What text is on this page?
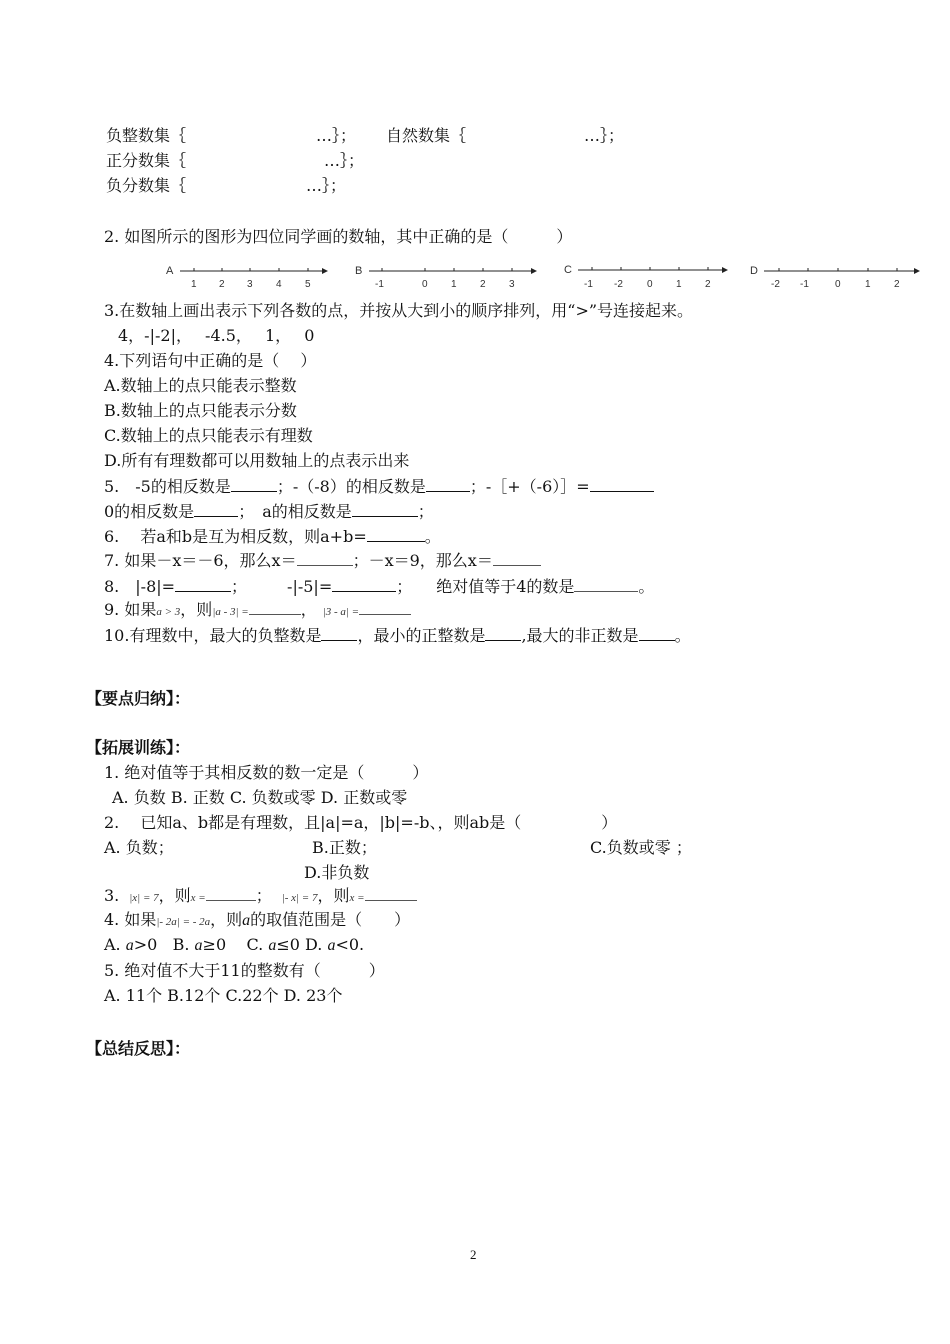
负整数集｛	…｝； 自然数集｛	…｝；
正分数集｛	…｝；
负分数集｛	…｝；
2. 如图所示的图形为四位同学画的数轴，其中正确的是（　　　）
A
1 2 3 4 5
B
-1	0 1 2 3
C
-1 -2 0 1 2
D
-2 -1	0 1 2
3.在数轴上画出表示下列各数的点，并按从大到小的顺序排列，用“>”号连接起来。
4，-|-2|，　 -4.5，　 1，　 0
4.下列语句中正确的是（　 ）
A.数轴上的点只能表示整数
B.数轴上的点只能表示分数
C.数轴上的点只能表示有理数
D.所有有理数都可以用数轴上的点表示出来
5.　-5的相反数是	；-（-8）的相反数是	；-［+（-6）］=
0的相反数是	；　a的相反数是	；
6.　 若a和b是互为相反数，则a+b=	。
7. 如果－x＝－6，那么x＝	；－x＝9，那么x＝
8.　|-8|=	；　　　-|-5|=	；　　绝对值等于4的数是	。
9. 如果a > 3，则|a - 3| =	， |3 - a| =
10.有理数中，最大的负整数是 ，最小的正整数是 ,最大的非正数是 。
【要点归纳】：
【拓展训练】：
1. 绝对值等于其相反数的数一定是（　　　）
A. 负数 B. 正数 C. 负数或零 D. 正数或零
2.　 已知a、b都是有理数，且|a|=a，|b|=-b、，则ab是（　　　　　）
A. 负数；	B.正数；	C.负数或零 ；
D.非负数
3. |x| = 7，则x =	； |- x| = 7，则x =
4. 如果|- 2a| = - 2a，则a的取值范围是（　　）
A. a>0 B. a≥0 C. a≤0 D. a<0.
5. 绝对值不大于11的整数有（　　　）
A. 11个 B.12个 C.22个 D. 23个
【总结反思】：
2
